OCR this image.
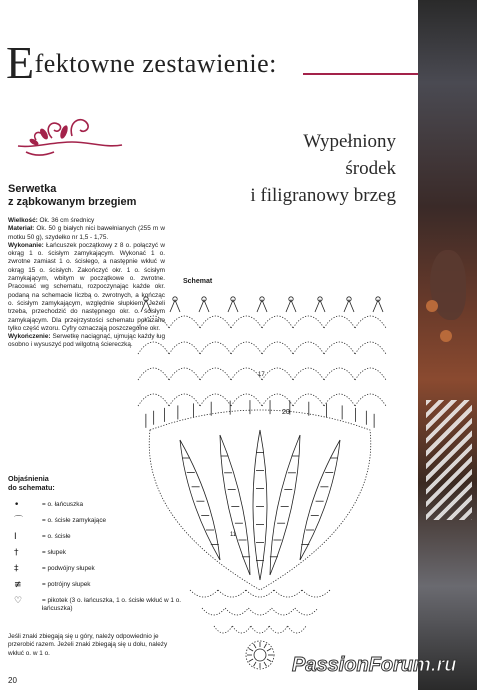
Efektowne zestawienie:
Wypełniony
środek
i filigranowy brzeg
Serwetka
z ząbkowanym brzegiem

Wielkość: Ok. 36 cm średnicy

Materiał: Ok. 50 g białych nici bawełnianych (255 m w motku 50 g), szydełko nr 1,5 - 1,75.

Wykonanie: Łańcuszek początkowy z 8 o. połączyć w okrąg 1 o. ścisłym zamykającym. Wykonać 1 o. zwrotne zamiast 1 o. ścisłego, a następnie wkłuć w okrąg 15 o. ścisłych. Zakończyć okr. 1 o. ścisłym zamykającym, wbitym w początkowe o. zwrotne. Pracować wg schematu, rozpoczynając każde okr. podaną na schemacie liczbą o. zwrotnych, a kończąc o. ścisłym zamykającym, względnie słupkiem. Jeżeli trzeba, przechodzić do następnego okr. o. ścisłym zamykającym. Dla przejrzystości schematu pokazano tylko część wzoru. Cyfry oznaczają poszczególne okr.

Wykończenie: Serwetkę naciągnąć, ujmując każdy ług osobno i wysuszyć pod wilgotną ściereczką.

Objaśnienia
do schematu:
•	= o. łańcuszka
⌒	= o. ścisłe zamykające
I	= o. ścisłe
†	= słupek
‡	= podwójny słupek
≢	= potrójny słupek
♡	= pikotek (3 o. łańcuszka, 1 o. ścisłe wkłuć w 1 o. łańcuszka)
Jeśli znaki zbiegają się u góry, należy odpowiednio je przerobić razem. Jeżeli znaki zbiegają się u dołu, należy wkłuć o. w 1 o.
20
Schemat
20
17
11
PassionForum.ru
